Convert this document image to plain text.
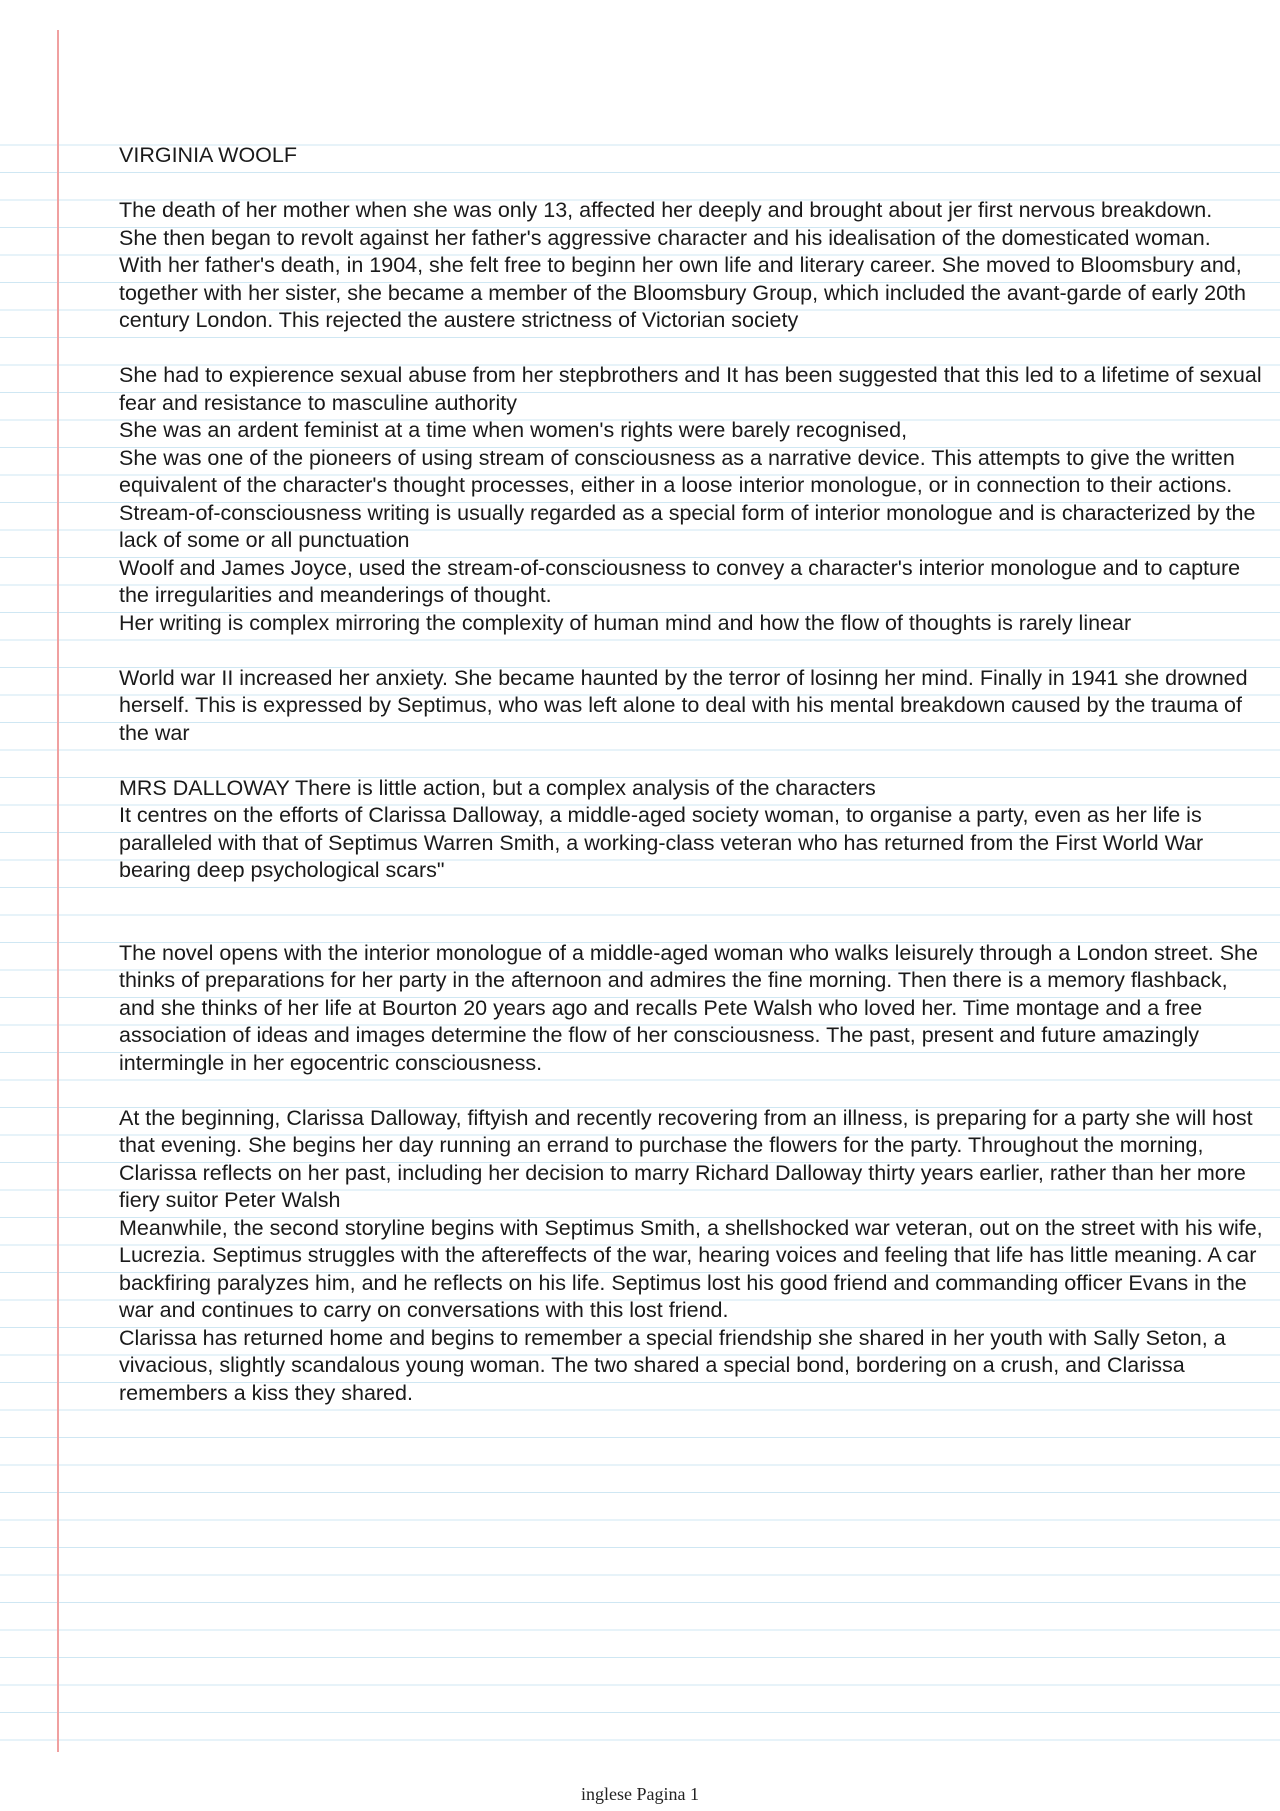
VIRGINIA WOOLF

The death of her mother when she was only 13, affected her deeply and brought about jer first nervous breakdown.

She then began to revolt against her father's aggressive character and his idealisation of the domesticated woman.

With her father's death, in 1904, she felt free to beginn her own life and literary career. She moved to Bloomsbury and, together with her sister, she became a member of the Bloomsbury Group, which included the avant-garde of early 20th century London. This rejected the austere strictness of Victorian society

She had to expierence sexual abuse from her stepbrothers and It has been suggested that this led to a lifetime of sexual fear and resistance to masculine authority

She was an ardent feminist at a time when women's rights were barely recognised,

She was one of the pioneers of using stream of consciousness as a narrative device. This attempts to give the written equivalent of the character's thought processes, either in a loose interior monologue, or in connection to their actions. Stream-of-consciousness writing is usually regarded as a special form of interior monologue and is characterized by the lack of some or all punctuation

Woolf and James Joyce, used the stream-of-consciousness to convey a character's interior monologue and to capture the irregularities and meanderings of thought.

Her writing is complex mirroring the complexity of human mind and how the flow of thoughts is rarely linear

World war II increased her anxiety. She became haunted by the terror of losinng her mind. Finally in 1941 she drowned herself. This is expressed by Septimus, who was left alone to deal with his mental breakdown caused by the trauma of the war

MRS DALLOWAY There is little action, but a complex analysis of the characters

It centres on the efforts of Clarissa Dalloway, a middle-aged society woman, to organise a party, even as her life is paralleled with that of Septimus Warren Smith, a working-class veteran who has returned from the First World War bearing deep psychological scars"

The novel opens with the interior monologue of a middle-aged woman who walks leisurely through a London street. She thinks of preparations for her party in the afternoon and admires the fine morning. Then there is a memory flashback, and she thinks of her life at Bourton 20 years ago and recalls Pete Walsh who loved her. Time montage and a free association of ideas and images determine the flow of her consciousness. The past, present and future amazingly intermingle in her egocentric consciousness.

At the beginning, Clarissa Dalloway, fiftyish and recently recovering from an illness, is preparing for a party she will host that evening. She begins her day running an errand to purchase the flowers for the party. Throughout the morning, Clarissa reflects on her past, including her decision to marry Richard Dalloway thirty years earlier, rather than her more fiery suitor Peter Walsh

Meanwhile, the second storyline begins with Septimus Smith, a shellshocked war veteran, out on the street with his wife, Lucrezia. Septimus struggles with the aftereffects of the war, hearing voices and feeling that life has little meaning. A car backfiring paralyzes him, and he reflects on his life. Septimus lost his good friend and commanding officer Evans in the war and continues to carry on conversations with this lost friend.

Clarissa has returned home and begins to remember a special friendship she shared in her youth with Sally Seton, a vivacious, slightly scandalous young woman. The two shared a special bond, bordering on a crush, and Clarissa remembers a kiss they shared.

inglese Pagina 1
